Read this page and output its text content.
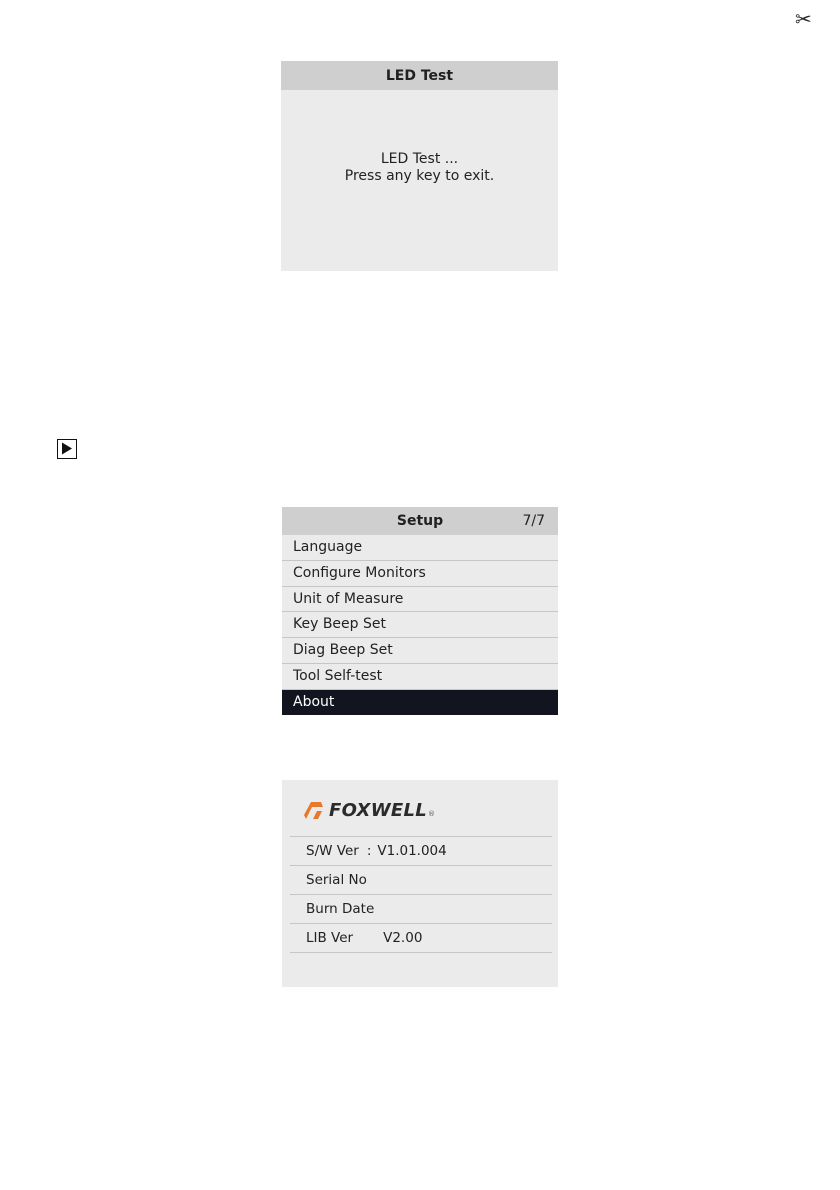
✂
LED Test
LED Test ...
Press any key to exit.
Setup	7/7
Language
Configure Monitors
Unit of Measure
Key Beep Set
Diag Beep Set
Tool Self-test
About
FOXWELL ®
S/W Ver : V1.01.004
Serial No
Burn Date
LIB Ver V2.00
